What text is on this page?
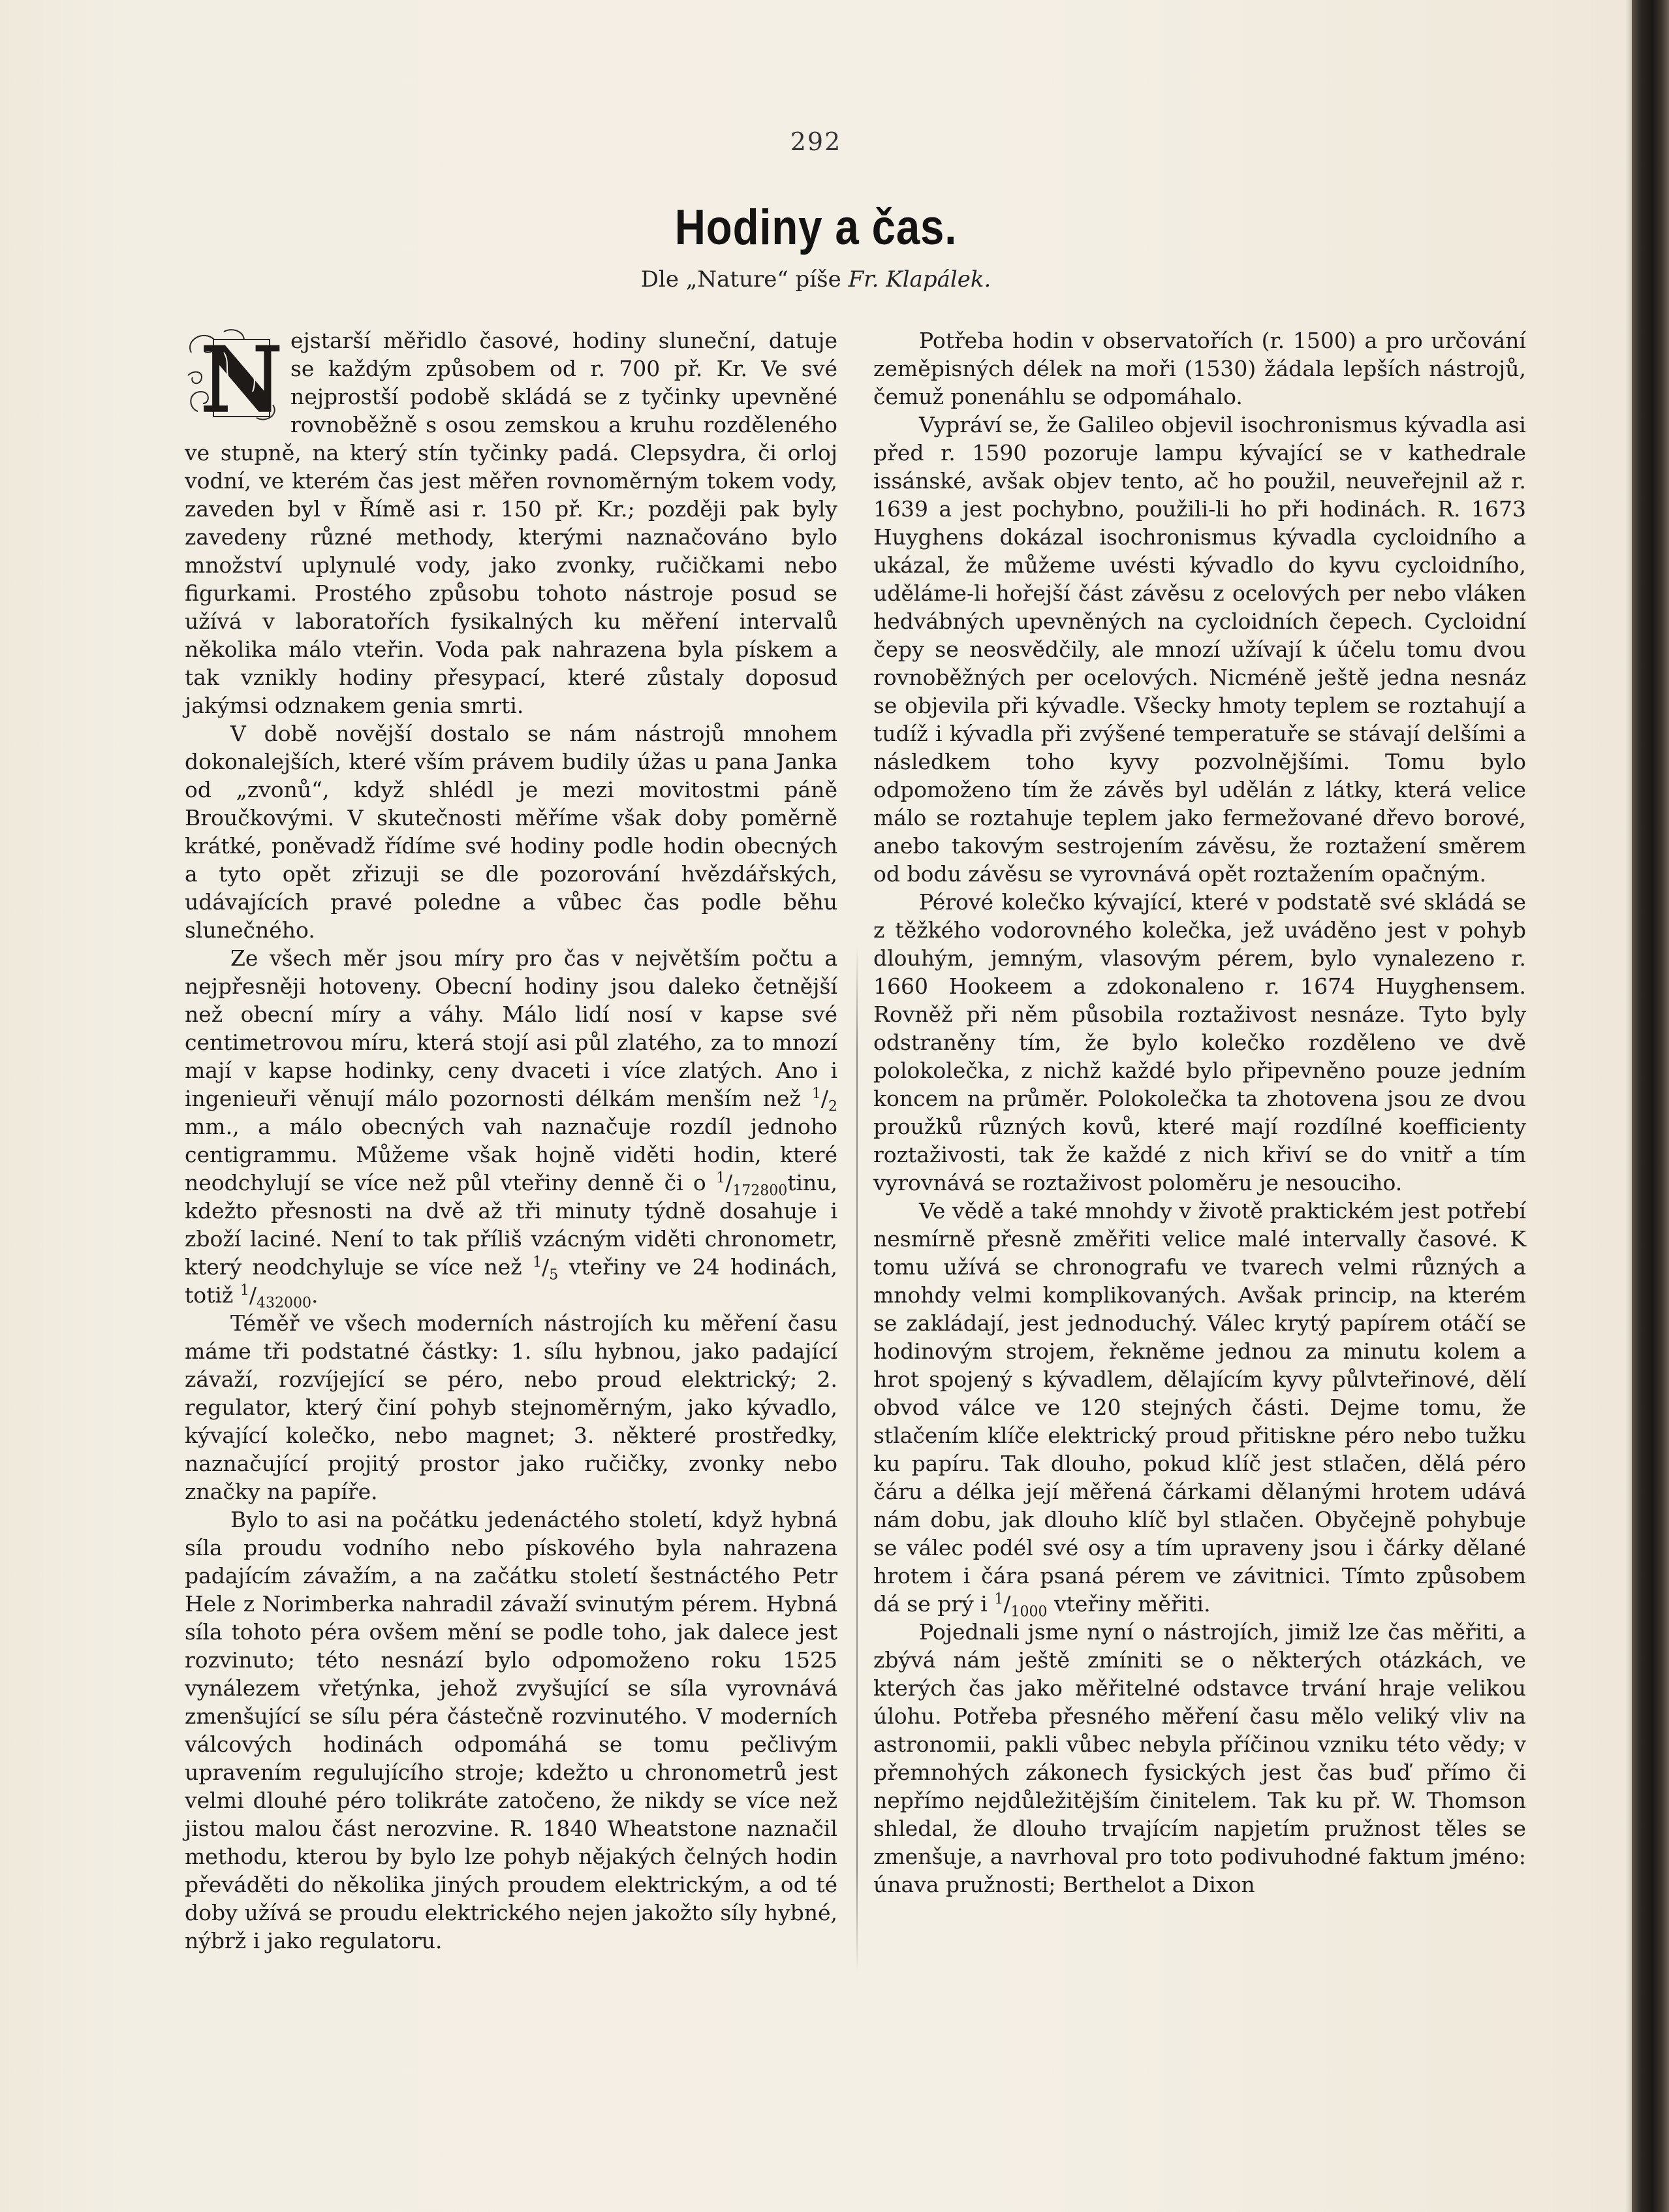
292
Hodiny a čas.
Dle „Nature“ píše Fr. Klapálek.

N ejstarší měřidlo časové, hodiny sluneční, datuje se každým způsobem od r. 700 př. Kr. Ve své nejprostší podobě skládá se z tyčinky upevněné rovnoběžně s osou zemskou a kruhu rozděleného ve stupně, na který stín tyčinky padá. Clepsydra, či orloj vodní, ve kterém čas jest měřen rovnoměrným tokem vody, zaveden byl v Římě asi r. 150 př. Kr.; později pak byly zavedeny různé methody, kterými naznačováno bylo množství uplynulé vody, jako zvonky, ručičkami nebo figurkami. Prostého způsobu tohoto nástroje posud se užívá v laboratořích fysikalných ku měření intervalů několika málo vteřin. Voda pak nahrazena byla pískem a tak vznikly hodiny přesypací, které zůstaly doposud jakýmsi odznakem genia smrti.

V době novější dostalo se nám nástrojů mnohem dokonalejších, které vším právem budily úžas u pana Janka od „zvonů“, když shlédl je mezi movitostmi páně Broučkovými. V skutečnosti měříme však doby poměrně krátké, poněvadž řídíme své hodiny podle hodin obecných a tyto opět zřizuji se dle pozorování hvězdářských, udávajících pravé poledne a vůbec čas podle běhu slunečného.

Ze všech měr jsou míry pro čas v největším počtu a nejpřesněji hotoveny. Obecní hodiny jsou daleko četnější než obecní míry a váhy. Málo lidí nosí v kapse své centimetrovou míru, která stojí asi půl zlatého, za to mnozí mají v kapse hodinky, ceny dvaceti i více zlatých. Ano i ingenieuři věnují málo pozornosti délkám menším než $^1/_2$ mm., a málo obecných vah naznačuje rozdíl jednoho centigrammu. Můžeme však hojně viděti hodin, které neodchylují se více než půl vteřiny denně či o $^1/_{172800}tinu$, kdežto přesnosti na dvě až tři minuty týdně dosahuje i zboží laciné. Není to tak příliš vzácným viděti chronometr, který neodchyluje se více než $^1/_5$ vteřiny ve 24 hodinách, totiž $^1/_{432000}$.

Téměř ve všech moderních nástrojích ku měření času máme tři podstatné částky: 1. sílu hybnou, jako padající závaží, rozvíjející se péro, nebo proud elektrický; 2. regulator, který činí pohyb stejnoměrným, jako kývadlo, kývající kolečko, nebo magnet; 3. některé prostředky, naznačující projitý prostor jako ručičky, zvonky nebo značky na papíře.

Bylo to asi na počátku jedenáctého století, když hybná síla proudu vodního nebo pískového byla nahrazena padajícím závažím, a na začátku století šestnáctého Petr Hele z Norimberka nahradil závaží svinutým pérem. Hybná síla tohoto péra ovšem mění se podle toho, jak dalece jest rozvinuto; této nesnází bylo odpomoženo roku 1525 vynálezem vřetýnka, jehož zvyšující se síla vyrovnává zmenšující se sílu péra částečně rozvinutého. V moderních válcových hodinách odpomáhá se tomu pečlivým upravením regulujícího stroje; kdežto u chronometrů jest velmi dlouhé péro tolikráte zatočeno, že nikdy se více než jistou malou část nerozvine. R. 1840 Wheatstone naznačil methodu, kterou by bylo lze pohyb nějakých čelných hodin převáděti do několika jiných proudem elektrickým, a od té doby užívá se proudu elektrického nejen jakožto síly hybné, nýbrž i jako regulatoru.

Potřeba hodin v observatořích (r. 1500) a pro určování zeměpisných délek na moři (1530) žádala lepších nástrojů, čemuž ponenáhlu se odpomáhalo.

Vypráví se, že Galileo objevil isochronismus kývadla asi před r. 1590 pozoruje lampu kývající se v kathedrale issánské, avšak objev tento, ač ho použil, neuveřejnil až r. 1639 a jest pochybno, použili-li ho při hodinách. R. 1673 Huyghens dokázal isochronismus kývadla cycloidního a ukázal, že můžeme uvésti kývadlo do kyvu cycloidního, uděláme-li hořejší část závěsu z ocelových per nebo vláken hedvábných upevněných na cycloidních čepech. Cycloidní čepy se neosvědčily, ale mnozí užívají k účelu tomu dvou rovnoběžných per ocelových. Nicméně ještě jedna nesnáz se objevila při kývadle. Všecky hmoty teplem se roztahují a tudíž i kývadla při zvýšené temperatuře se stávají delšími a následkem toho kyvy pozvolnějšími. Tomu bylo odpomoženo tím že závěs byl udělán z látky, která velice málo se roztahuje teplem jako fermežované dřevo borové, anebo takovým sestrojením závěsu, že roztažení směrem od bodu závěsu se vyrovnává opět roztažením opačným.

Pérové kolečko kývající, které v podstatě své skládá se z těžkého vodorovného kolečka, jež uváděno jest v pohyb dlouhým, jemným, vlasovým pérem, bylo vynalezeno r. 1660 Hookeem a zdokonaleno r. 1674 Huyghensem. Rovněž při něm působila roztaživost nesnáze. Tyto byly odstraněny tím, že bylo kolečko rozděleno ve dvě polokolečka, z nichž každé bylo připevněno pouze jedním koncem na průměr. Polokolečka ta zhotovena jsou ze dvou proužků různých kovů, které mají rozdílné koefficienty roztaživosti, tak že každé z nich křiví se do vnitř a tím vyrovnává se roztaživost poloměru je nesouciho.

Ve vědě a také mnohdy v životě praktickém jest potřebí nesmírně přesně změřiti velice malé intervally časové. K tomu užívá se chronografu ve tvarech velmi různých a mnohdy velmi komplikovaných. Avšak princip, na kterém se zakládají, jest jednoduchý. Válec krytý papírem otáčí se hodinovým strojem, řekněme jednou za minutu kolem a hrot spojený s kývadlem, dělajícím kyvy půlvteřinové, dělí obvod válce ve 120 stejných části. Dejme tomu, že stlačením klíče elektrický proud přitiskne péro nebo tužku ku papíru. Tak dlouho, pokud klíč jest stlačen, dělá péro čáru a délka její měřená čárkami dělanými hrotem udává nám dobu, jak dlouho klíč byl stlačen. Obyčejně pohybuje se válec podél své osy a tím upraveny jsou i čárky dělané hrotem i čára psaná pérem ve závitnici. Tímto způsobem dá se prý i $^1/_{1000}$ vteřiny měřiti.

Pojednali jsme nyní o nástrojích, jimiž lze čas měřiti, a zbývá nám ještě zmíniti se o některých otázkách, ve kterých čas jako měřitelné odstavce trvání hraje velikou úlohu. Potřeba přesného měření času mělo veliký vliv na astronomii, pakli vůbec nebyla příčinou vzniku této vědy; v přemnohých zákonech fysických jest čas buď přímo či nepřímo nejdůležitějším činitelem. Tak ku př. W. Thomson shledal, že dlouho trvajícím napjetím pružnost těles se zmenšuje, a navrhoval pro toto podivuhodné faktum jméno: únava pružnosti; Berthelot a Dixon
